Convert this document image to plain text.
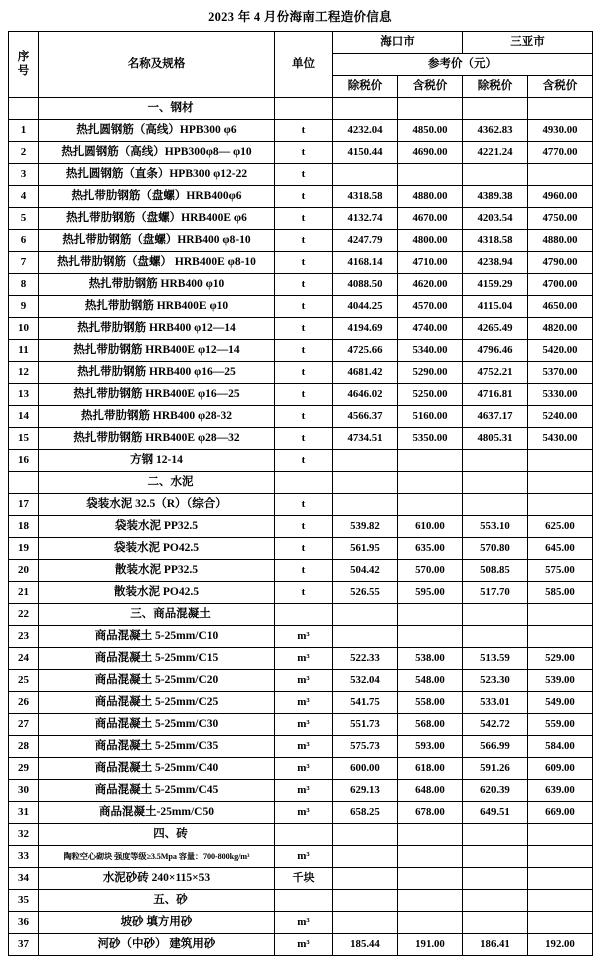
2023 年 4 月份海南工程造价信息
序
号	名称及规格	单位	海口市		三亚市	
			参考价（元）			
			除税价	含税价	除税价	含税价
	一、钢材					
1	热扎圆钢筋（高线）HPB300 φ6	t	4232.04	4850.00	4362.83	4930.00
2	热扎圆钢筋（高线）HPB300φ8— φ10	t	4150.44	4690.00	4221.24	4770.00
3	热扎圆钢筋（直条）HPB300 φ12-22	t				
4	热扎带肋钢筋（盘螺）HRB400φ6	t	4318.58	4880.00	4389.38	4960.00
5	热扎带肋钢筋（盘螺）HRB400E φ6	t	4132.74	4670.00	4203.54	4750.00
6	热扎带肋钢筋（盘螺）HRB400 φ8-10	t	4247.79	4800.00	4318.58	4880.00
7	热扎带肋钢筋（盘螺） HRB400E φ8-10	t	4168.14	4710.00	4238.94	4790.00
8	热扎带肋钢筋 HRB400 φ10	t	4088.50	4620.00	4159.29	4700.00
9	热扎带肋钢筋 HRB400E φ10	t	4044.25	4570.00	4115.04	4650.00
10	热扎带肋钢筋 HRB400 φ12—14	t	4194.69	4740.00	4265.49	4820.00
11	热扎带肋钢筋 HRB400E φ12—14	t	4725.66	5340.00	4796.46	5420.00
12	热扎带肋钢筋 HRB400 φ16—25	t	4681.42	5290.00	4752.21	5370.00
13	热扎带肋钢筋 HRB400E φ16—25	t	4646.02	5250.00	4716.81	5330.00
14	热扎带肋钢筋 HRB400 φ28-32	t	4566.37	5160.00	4637.17	5240.00
15	热扎带肋钢筋 HRB400E φ28—32	t	4734.51	5350.00	4805.31	5430.00
16	方钢 12-14	t				
	二、水泥					
17	袋装水泥 32.5（R）（综合）	t				
18	袋装水泥 PP32.5	t	539.82	610.00	553.10	625.00
19	袋装水泥 PO42.5	t	561.95	635.00	570.80	645.00
20	散装水泥 PP32.5	t	504.42	570.00	508.85	575.00
21	散装水泥 PO42.5	t	526.55	595.00	517.70	585.00
22	三、商品混凝土					
23	商品混凝土 5-25mm/C10	m³				
24	商品混凝土 5-25mm/C15	m³	522.33	538.00	513.59	529.00
25	商品混凝土 5-25mm/C20	m³	532.04	548.00	523.30	539.00
26	商品混凝土 5-25mm/C25	m³	541.75	558.00	533.01	549.00
27	商品混凝土 5-25mm/C30	m³	551.73	568.00	542.72	559.00
28	商品混凝土 5-25mm/C35	m³	575.73	593.00	566.99	584.00
29	商品混凝土 5-25mm/C40	m³	600.00	618.00	591.26	609.00
30	商品混凝土 5-25mm/C45	m³	629.13	648.00	620.39	639.00
31	商品混凝土-25mm/C50	m³	658.25	678.00	649.51	669.00
32	四、砖					
33	陶粒空心砌块 强度等级≥3.5Mpa 容量：700-800kg/m³	m³				
34	水泥砂砖 240×115×53	千块				
35	五、砂					
36	坡砂 填方用砂	m³				
37	河砂（中砂） 建筑用砂	m³	185.44	191.00	186.41	192.00
